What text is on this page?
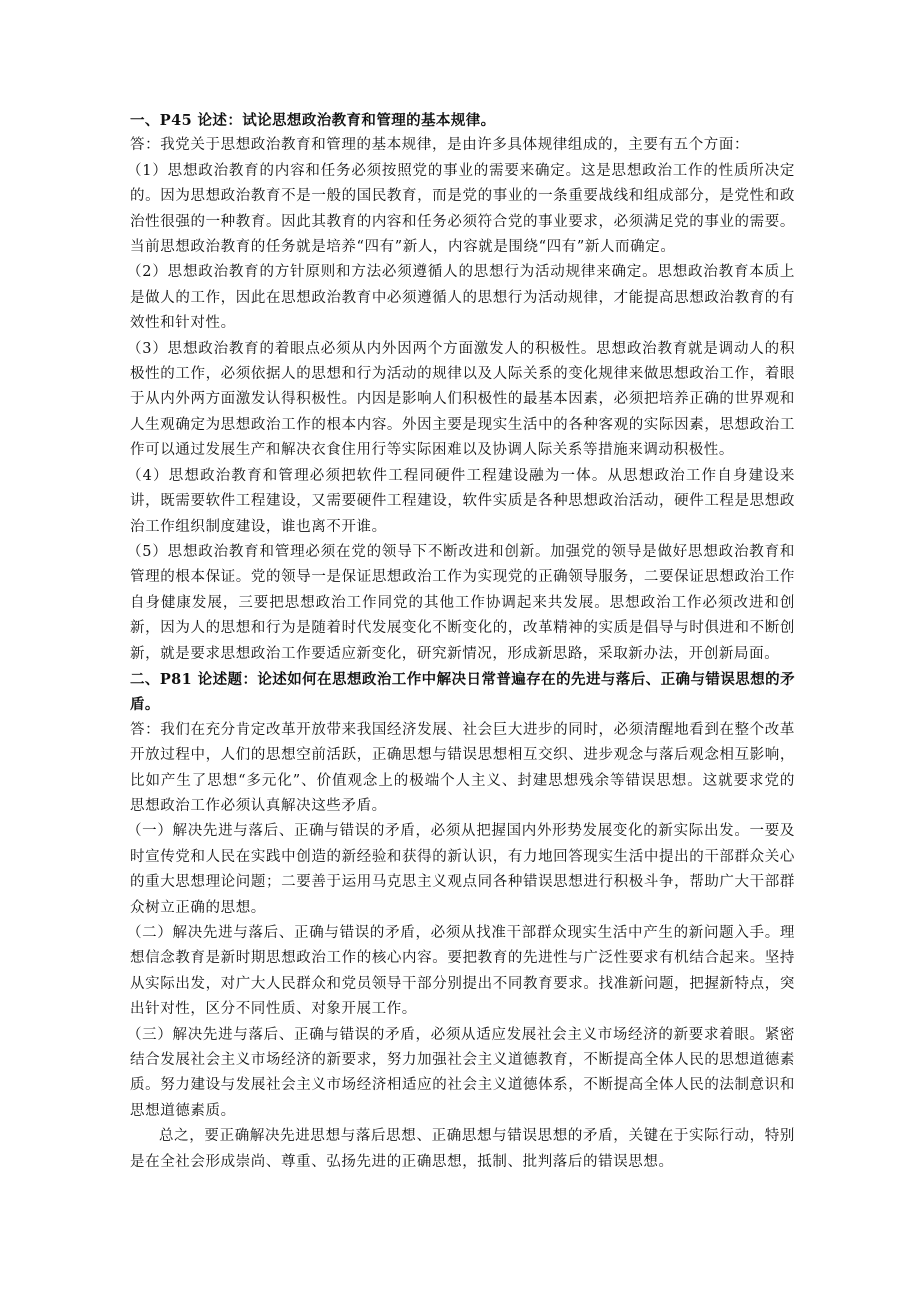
一、P45 论述：试论思想政治教育和管理的基本规律。

答：我党关于思想政治教育和管理的基本规律，是由许多具体规律组成的，主要有五个方面：

（1）思想政治教育的内容和任务必须按照党的事业的需要来确定。这是思想政治工作的性质所决定的。因为思想政治教育不是一般的国民教育，而是党的事业的一条重要战线和组成部分，是党性和政治性很强的一种教育。因此其教育的内容和任务必须符合党的事业要求，必须满足党的事业的需要。当前思想政治教育的任务就是培养“四有”新人，内容就是围绕“四有”新人而确定。

（2）思想政治教育的方针原则和方法必须遵循人的思想行为活动规律来确定。思想政治教育本质上是做人的工作，因此在思想政治教育中必须遵循人的思想行为活动规律，才能提高思想政治教育的有效性和针对性。

（3）思想政治教育的着眼点必须从内外因两个方面激发人的积极性。思想政治教育就是调动人的积极性的工作，必须依据人的思想和行为活动的规律以及人际关系的变化规律来做思想政治工作，着眼于从内外两方面激发认得积极性。内因是影响人们积极性的最基本因素，必须把培养正确的世界观和人生观确定为思想政治工作的根本内容。外因主要是现实生活中的各种客观的实际因素，思想政治工作可以通过发展生产和解决衣食住用行等实际困难以及协调人际关系等措施来调动积极性。

（4）思想政治教育和管理必须把软件工程同硬件工程建设融为一体。从思想政治工作自身建设来讲，既需要软件工程建设，又需要硬件工程建设，软件实质是各种思想政治活动，硬件工程是思想政治工作组织制度建设，谁也离不开谁。

（5）思想政治教育和管理必须在党的领导下不断改进和创新。加强党的领导是做好思想政治教育和管理的根本保证。党的领导一是保证思想政治工作为实现党的正确领导服务，二要保证思想政治工作自身健康发展，三要把思想政治工作同党的其他工作协调起来共发展。思想政治工作必须改进和创新，因为人的思想和行为是随着时代发展变化不断变化的，改革精神的实质是倡导与时俱进和不断创新，就是要求思想政治工作要适应新变化，研究新情况，形成新思路，采取新办法，开创新局面。

二、P81 论述题：论述如何在思想政治工作中解决日常普遍存在的先进与落后、正确与错误思想的矛盾。

答：我们在充分肯定改革开放带来我国经济发展、社会巨大进步的同时，必须清醒地看到在整个改革开放过程中，人们的思想空前活跃，正确思想与错误思想相互交织、进步观念与落后观念相互影响，比如产生了思想“多元化”、价值观念上的极端个人主义、封建思想残余等错误思想。这就要求党的思想政治工作必须认真解决这些矛盾。

（一）解决先进与落后、正确与错误的矛盾，必须从把握国内外形势发展变化的新实际出发。一要及时宣传党和人民在实践中创造的新经验和获得的新认识，有力地回答现实生活中提出的干部群众关心的重大思想理论问题；二要善于运用马克思主义观点同各种错误思想进行积极斗争，帮助广大干部群众树立正确的思想。

（二）解决先进与落后、正确与错误的矛盾，必须从找准干部群众现实生活中产生的新问题入手。理想信念教育是新时期思想政治工作的核心内容。要把教育的先进性与广泛性要求有机结合起来。坚持从实际出发，对广大人民群众和党员领导干部分别提出不同教育要求。找准新问题，把握新特点，突出针对性，区分不同性质、对象开展工作。

（三）解决先进与落后、正确与错误的矛盾，必须从适应发展社会主义市场经济的新要求着眼。紧密结合发展社会主义市场经济的新要求，努力加强社会主义道德教育，不断提高全体人民的思想道德素质。努力建设与发展社会主义市场经济相适应的社会主义道德体系，不断提高全体人民的法制意识和思想道德素质。

总之，要正确解决先进思想与落后思想、正确思想与错误思想的矛盾，关键在于实际行动，特别是在全社会形成崇尚、尊重、弘扬先进的正确思想，抵制、批判落后的错误思想。
